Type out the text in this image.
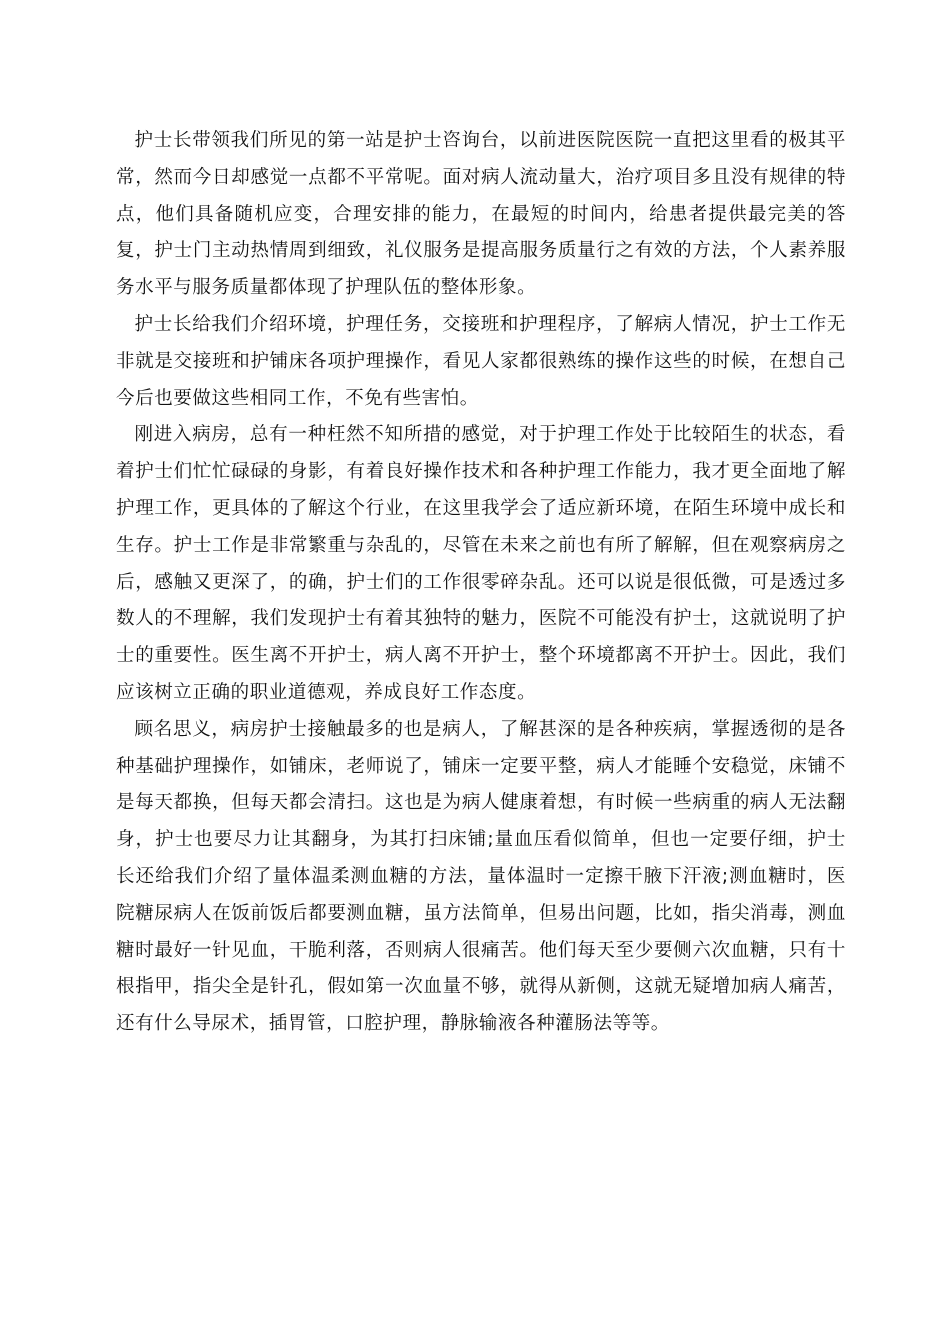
护士长带领我们所见的第一站是护士咨询台，以前进医院医院一直把这里看的极其平常，然而今日却感觉一点都不平常呢。面对病人流动量大，治疗项目多且没有规律的特点，他们具备随机应变，合理安排的能力，在最短的时间内，给患者提供最完美的答复，护士门主动热情周到细致，礼仪服务是提高服务质量行之有效的方法，个人素养服务水平与服务质量都体现了护理队伍的整体形象。

护士长给我们介绍环境，护理任务，交接班和护理程序，了解病人情况，护士工作无非就是交接班和护铺床各项护理操作，看见人家都很熟练的操作这些的时候，在想自己今后也要做这些相同工作，不免有些害怕。

刚进入病房，总有一种枉然不知所措的感觉，对于护理工作处于比较陌生的状态，看着护士们忙忙碌碌的身影，有着良好操作技术和各种护理工作能力，我才更全面地了解护理工作，更具体的了解这个行业，在这里我学会了适应新环境，在陌生环境中成长和生存。护士工作是非常繁重与杂乱的，尽管在未来之前也有所了解解，但在观察病房之后，感触又更深了，的确，护士们的工作很零碎杂乱。还可以说是很低微，可是透过多数人的不理解，我们发现护士有着其独特的魅力，医院不可能没有护士，这就说明了护士的重要性。医生离不开护士，病人离不开护士，整个环境都离不开护士。因此，我们应该树立正确的职业道德观，养成良好工作态度。

顾名思义，病房护士接触最多的也是病人，了解甚深的是各种疾病，掌握透彻的是各种基础护理操作，如铺床，老师说了，铺床一定要平整，病人才能睡个安稳觉，床铺不是每天都换，但每天都会清扫。这也是为病人健康着想，有时候一些病重的病人无法翻身，护士也要尽力让其翻身，为其打扫床铺;量血压看似简单，但也一定要仔细，护士长还给我们介绍了量体温柔测血糖的方法，量体温时一定擦干腋下汗液;测血糖时，医院糖尿病人在饭前饭后都要测血糖，虽方法简单，但易出问题，比如，指尖消毒，测血糖时最好一针见血，干脆利落，否则病人很痛苦。他们每天至少要侧六次血糖，只有十根指甲，指尖全是针孔，假如第一次血量不够，就得从新侧，这就无疑增加病人痛苦，还有什么导尿术，插胃管，口腔护理，静脉输液各种灌肠法等等。
